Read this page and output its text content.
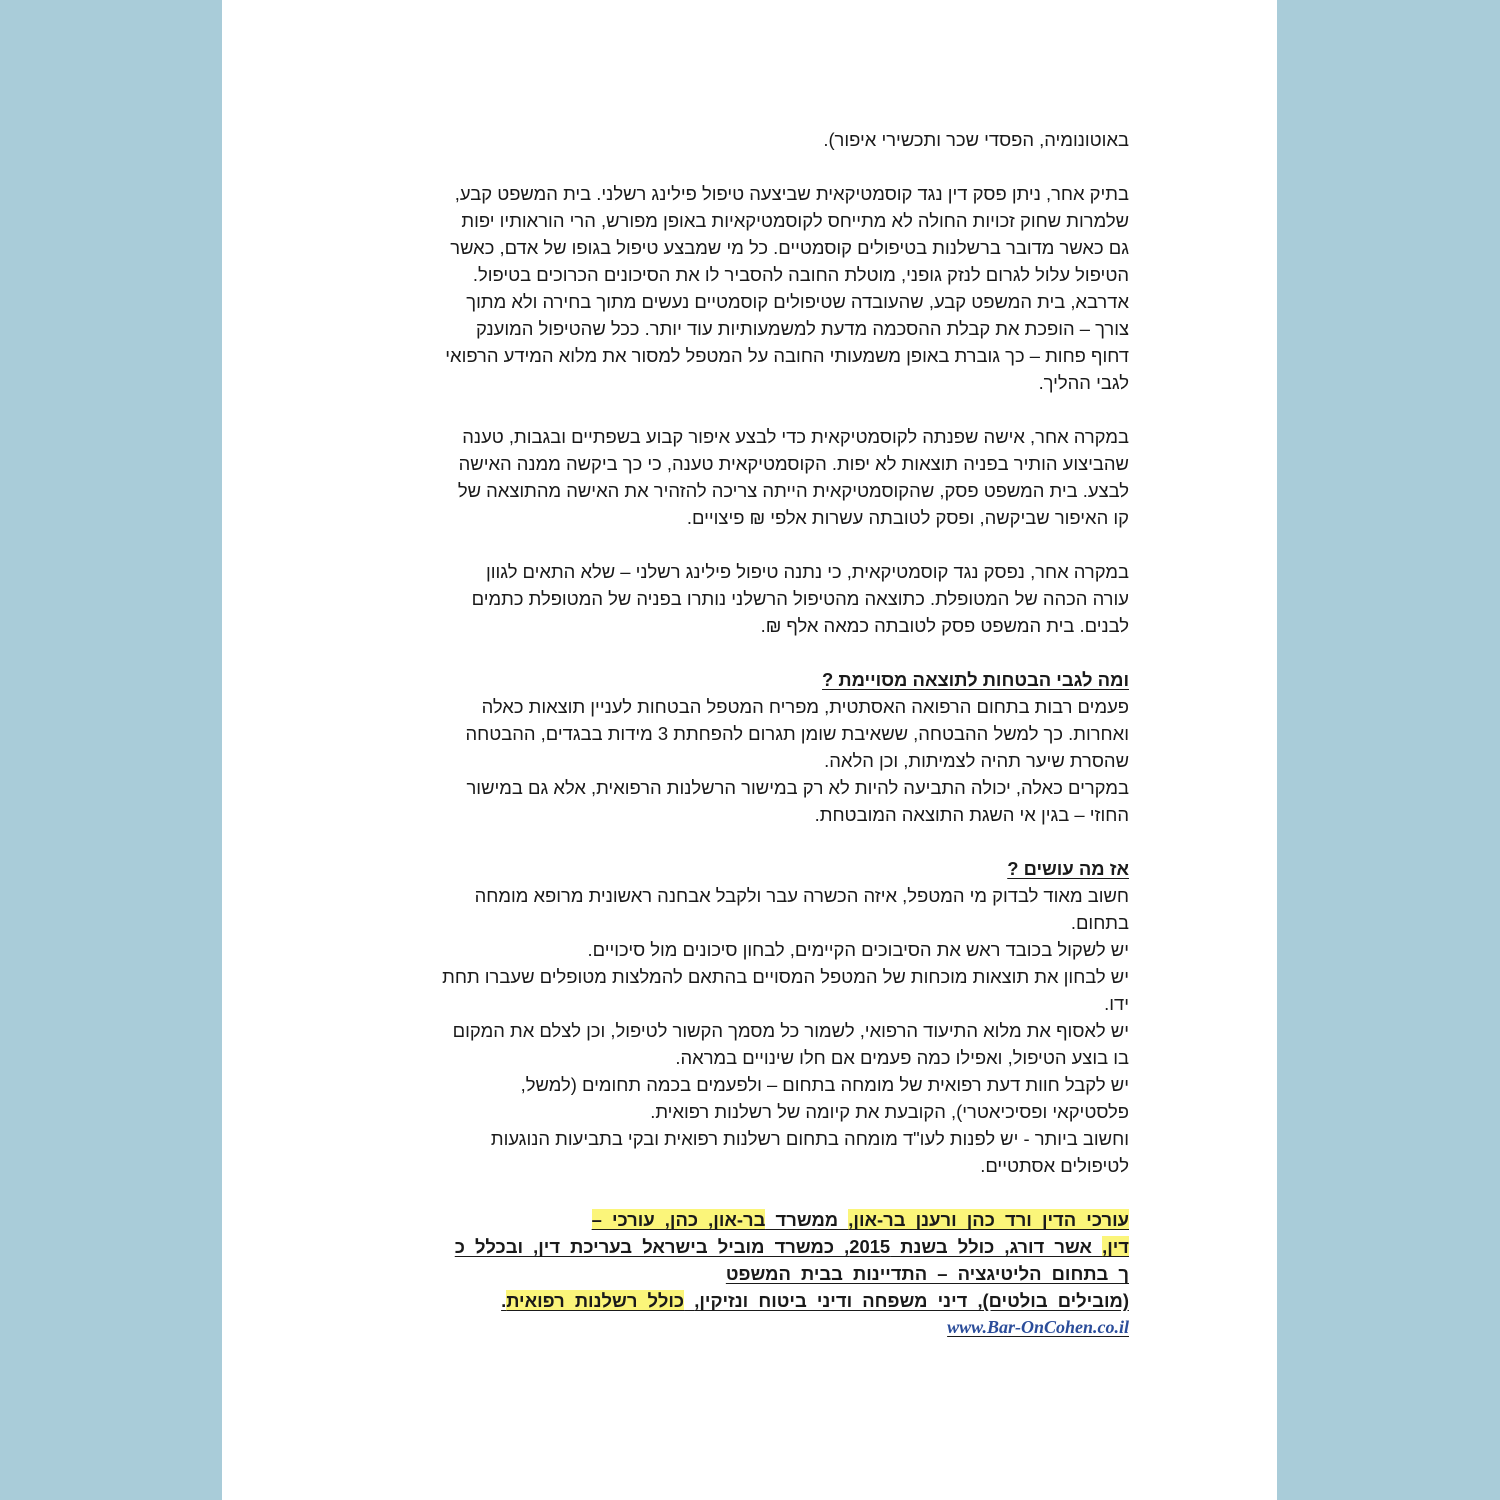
באוטונומיה, הפסדי שכר ותכשירי איפור).
בתיק אחר, ניתן פסק דין נגד קוסמטיקאית שביצעה טיפול פילינג רשלני. בית המשפט קבע,
שלמרות שחוק זכויות החולה לא מתייחס לקוסמטיקאיות באופן מפורש, הרי הוראותיו יפות
גם כאשר מדובר ברשלנות בטיפולים קוסמטיים. כל מי שמבצע טיפול בגופו של אדם, כאשר
הטיפול עלול לגרום לנזק גופני, מוטלת החובה להסביר לו את הסיכונים הכרוכים בטיפול.
אדרבא, בית המשפט קבע, שהעובדה שטיפולים קוסמטיים נעשים מתוך בחירה ולא מתוך
צורך – הופכת את קבלת ההסכמה מדעת למשמעותיות עוד יותר. ככל שהטיפול המוענק
דחוף פחות – כך גוברת באופן משמעותי החובה על המטפל למסור את מלוא המידע הרפואי
לגבי ההליך.
במקרה אחר, אישה שפנתה לקוסמטיקאית כדי לבצע איפור קבוע בשפתיים ובגבות, טענה
שהביצוע הותיר בפניה תוצאות לא יפות. הקוסמטיקאית טענה, כי כך ביקשה ממנה האישה
לבצע. בית המשפט פסק, שהקוסמטיקאית הייתה צריכה להזהיר את האישה מהתוצאה של
קו האיפור שביקשה, ופסק לטובתה עשרות אלפי ₪ פיצויים.
במקרה אחר, נפסק נגד קוסמטיקאית, כי נתנה טיפול פילינג רשלני – שלא התאים לגוון
עורה הכהה של המטופלת. כתוצאה מהטיפול הרשלני נותרו בפניה של המטופלת כתמים
לבנים. בית המשפט פסק לטובתה כמאה אלף ₪.
ומה לגבי הבטחות לתוצאה מסויימת ?
פעמים רבות בתחום הרפואה האסתטית, מפריח המטפל הבטחות לעניין תוצאות כאלה
ואחרות. כך למשל ההבטחה, ששאיבת שומן תגרום להפחתת 3 מידות בבגדים, ההבטחה
שהסרת שיער תהיה לצמיתות, וכן הלאה.
במקרים כאלה, יכולה התביעה להיות לא רק במישור הרשלנות הרפואית, אלא גם במישור
החוזי – בגין אי השגת התוצאה המובטחת.
אז מה עושים ?
חשוב מאוד לבדוק מי המטפל, איזה הכשרה עבר ולקבל אבחנה ראשונית מרופא מומחה
בתחום.
יש לשקול בכובד ראש את הסיבוכים הקיימים, לבחון סיכונים מול סיכויים.
יש לבחון את תוצאות מוכחות של המטפל המסויים בהתאם להמלצות מטופלים שעברו תחת
ידו.
יש לאסוף את מלוא התיעוד הרפואי, לשמור כל מסמך הקשור לטיפול, וכן לצלם את המקום
בו בוצע הטיפול, ואפילו כמה פעמים אם חלו שינויים במראה.
יש לקבל חוות דעת רפואית של מומחה בתחום – ולפעמים בכמה תחומים (למשל,
פלסטיקאי ופסיכיאטרי), הקובעת את קיומה של רשלנות רפואית.
וחשוב ביותר - יש לפנות לעו"ד מומחה בתחום רשלנות רפואית ובקי בתביעות הנוגעות
לטיפולים אסתטיים.
עורכי הדין ורד כהן ורענן בר-און, ממשרד בר-און, כהן, עורכי –
דין, אשר דורג, כולל בשנת 2015, כמשרד מוביל בישראל בעריכת דין, ובכלל כ
ך בתחום הליטיגציה – התדיינות בבית המשפט
(מובילים בולטים), דיני משפחה ודיני ביטוח ונזיקין, כולל רשלנות רפואית.
www.Bar-OnCohen.co.il
